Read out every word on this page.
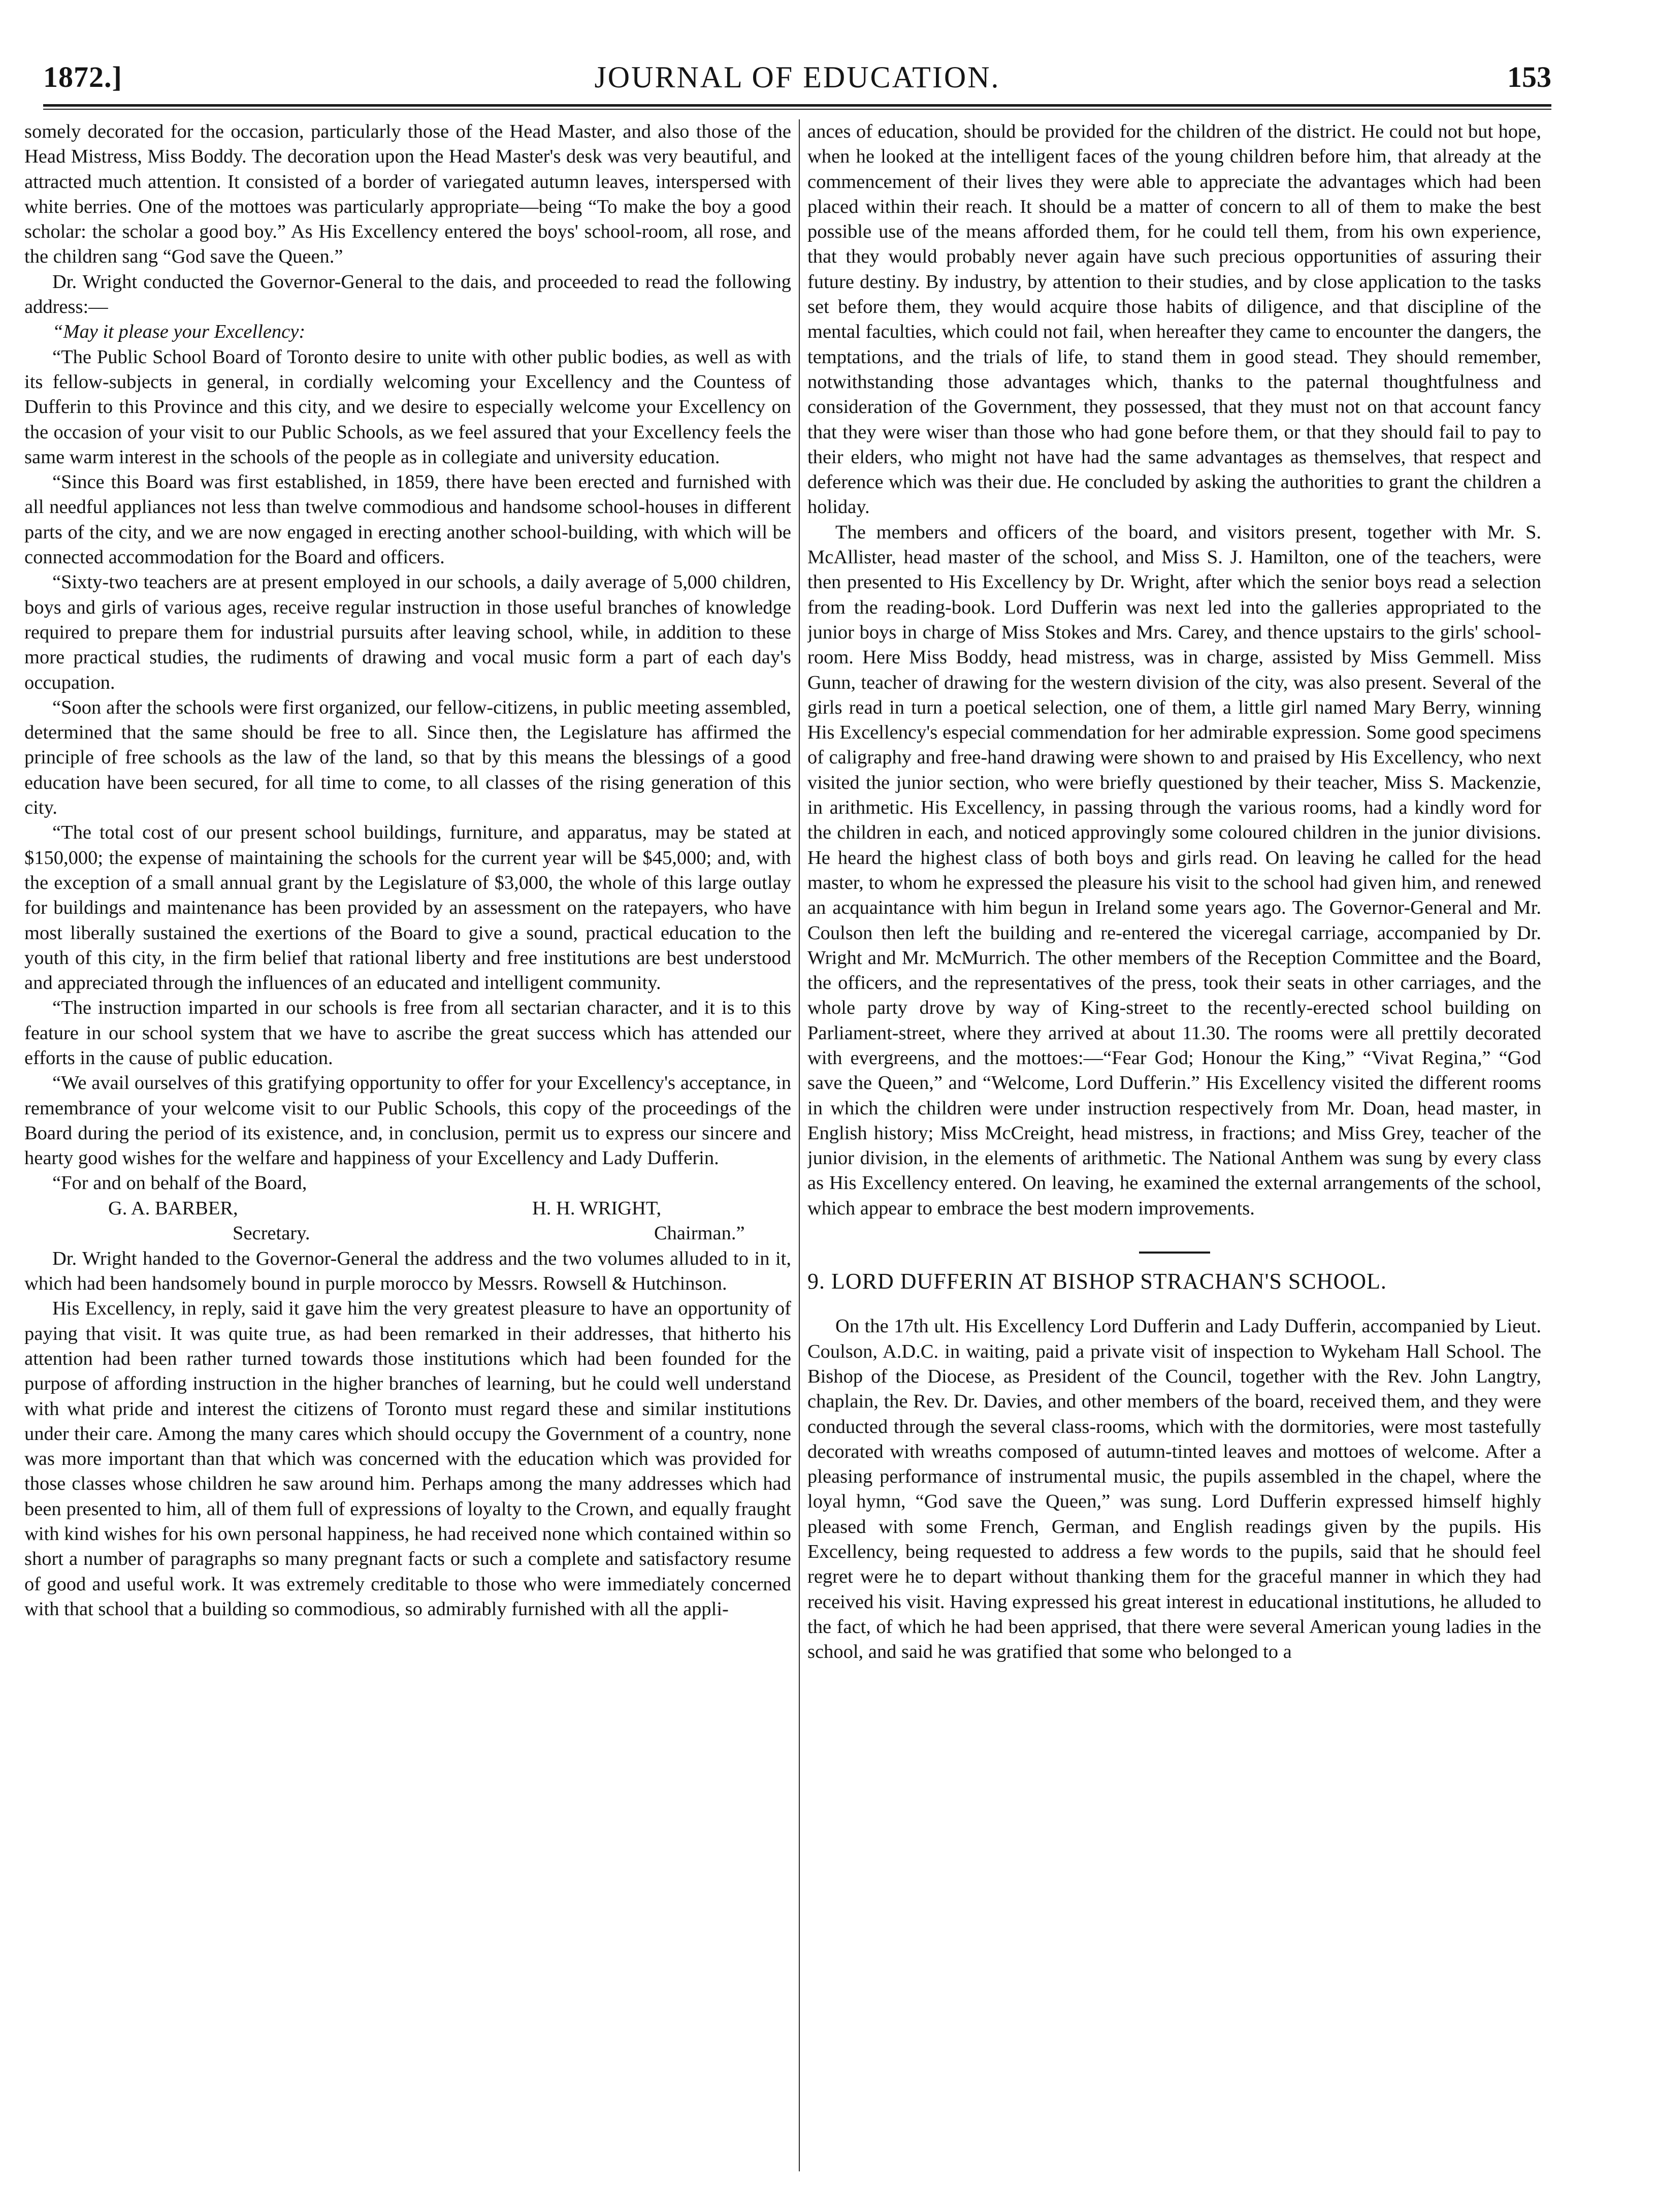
1872.]	JOURNAL OF EDUCATION.	153

somely decorated for the occasion, particularly those of the Head Master, and also those of the Head Mistress, Miss Boddy. The decoration upon the Head Master's desk was very beautiful, and attracted much attention. It consisted of a border of variegated autumn leaves, interspersed with white berries. One of the mottoes was particularly appropriate—being “To make the boy a good scholar: the scholar a good boy.” As His Excellency entered the boys' school-room, all rose, and the children sang “God save the Queen.”

Dr. Wright conducted the Governor-General to the dais, and proceeded to read the following address:—

“May it please your Excellency:

“The Public School Board of Toronto desire to unite with other public bodies, as well as with its fellow-subjects in general, in cordially welcoming your Excellency and the Countess of Dufferin to this Province and this city, and we desire to especially welcome your Excellency on the occasion of your visit to our Public Schools, as we feel assured that your Excellency feels the same warm interest in the schools of the people as in collegiate and university education.

“Since this Board was first established, in 1859, there have been erected and furnished with all needful appliances not less than twelve commodious and handsome school-houses in different parts of the city, and we are now engaged in erecting another school-building, with which will be connected accommodation for the Board and officers.

“Sixty-two teachers are at present employed in our schools, a daily average of 5,000 children, boys and girls of various ages, receive regular instruction in those useful branches of knowledge required to prepare them for industrial pursuits after leaving school, while, in addition to these more practical studies, the rudiments of drawing and vocal music form a part of each day's occupation.

“Soon after the schools were first organized, our fellow-citizens, in public meeting assembled, determined that the same should be free to all. Since then, the Legislature has affirmed the principle of free schools as the law of the land, so that by this means the blessings of a good education have been secured, for all time to come, to all classes of the rising generation of this city.

“The total cost of our present school buildings, furniture, and apparatus, may be stated at $150,000; the expense of maintaining the schools for the current year will be $45,000; and, with the exception of a small annual grant by the Legislature of $3,000, the whole of this large outlay for buildings and maintenance has been provided by an assessment on the ratepayers, who have most liberally sustained the exertions of the Board to give a sound, practical education to the youth of this city, in the firm belief that rational liberty and free institutions are best understood and appreciated through the influences of an educated and intelligent community.

“The instruction imparted in our schools is free from all sectarian character, and it is to this feature in our school system that we have to ascribe the great success which has attended our efforts in the cause of public education.

“We avail ourselves of this gratifying opportunity to offer for your Excellency's acceptance, in remembrance of your welcome visit to our Public Schools, this copy of the proceedings of the Board during the period of its existence, and, in conclusion, permit us to express our sincere and hearty good wishes for the welfare and happiness of your Excellency and Lady Dufferin.

“For and on behalf of the Board,

G. A. BARBER,	H. H. WRIGHT,
Secretary.	Chairman.”

Dr. Wright handed to the Governor-General the address and the two volumes alluded to in it, which had been handsomely bound in purple morocco by Messrs. Rowsell & Hutchinson.

His Excellency, in reply, said it gave him the very greatest pleasure to have an opportunity of paying that visit. It was quite true, as had been remarked in their addresses, that hitherto his attention had been rather turned towards those institutions which had been founded for the purpose of affording instruction in the higher branches of learning, but he could well understand with what pride and interest the citizens of Toronto must regard these and similar institutions under their care. Among the many cares which should occupy the Government of a country, none was more important than that which was concerned with the education which was provided for those classes whose children he saw around him. Perhaps among the many addresses which had been presented to him, all of them full of expressions of loyalty to the Crown, and equally fraught with kind wishes for his own personal happiness, he had received none which contained within so short a number of paragraphs so many pregnant facts or such a complete and satisfactory resume of good and useful work. It was extremely creditable to those who were immediately concerned with that school that a building so commodious, so admirably furnished with all the appli-

ances of education, should be provided for the children of the district. He could not but hope, when he looked at the intelligent faces of the young children before him, that already at the commencement of their lives they were able to appreciate the advantages which had been placed within their reach. It should be a matter of concern to all of them to make the best possible use of the means afforded them, for he could tell them, from his own experience, that they would probably never again have such precious opportunities of assuring their future destiny. By industry, by attention to their studies, and by close application to the tasks set before them, they would acquire those habits of diligence, and that discipline of the mental faculties, which could not fail, when hereafter they came to encounter the dangers, the temptations, and the trials of life, to stand them in good stead. They should remember, notwithstanding those advantages which, thanks to the paternal thoughtfulness and consideration of the Government, they possessed, that they must not on that account fancy that they were wiser than those who had gone before them, or that they should fail to pay to their elders, who might not have had the same advantages as themselves, that respect and deference which was their due. He concluded by asking the authorities to grant the children a holiday.

The members and officers of the board, and visitors present, together with Mr. S. McAllister, head master of the school, and Miss S. J. Hamilton, one of the teachers, were then presented to His Excellency by Dr. Wright, after which the senior boys read a selection from the reading-book. Lord Dufferin was next led into the galleries appropriated to the junior boys in charge of Miss Stokes and Mrs. Carey, and thence upstairs to the girls' school-room. Here Miss Boddy, head mistress, was in charge, assisted by Miss Gemmell. Miss Gunn, teacher of drawing for the western division of the city, was also present. Several of the girls read in turn a poetical selection, one of them, a little girl named Mary Berry, winning His Excellency's especial commendation for her admirable expression. Some good specimens of caligraphy and free-hand drawing were shown to and praised by His Excellency, who next visited the junior section, who were briefly questioned by their teacher, Miss S. Mackenzie, in arithmetic. His Excellency, in passing through the various rooms, had a kindly word for the children in each, and noticed approvingly some coloured children in the junior divisions. He heard the highest class of both boys and girls read. On leaving he called for the head master, to whom he expressed the pleasure his visit to the school had given him, and renewed an acquaintance with him begun in Ireland some years ago. The Governor-General and Mr. Coulson then left the building and re-entered the viceregal carriage, accompanied by Dr. Wright and Mr. McMurrich. The other members of the Reception Committee and the Board, the officers, and the representatives of the press, took their seats in other carriages, and the whole party drove by way of King-street to the recently-erected school building on Parliament-street, where they arrived at about 11.30. The rooms were all prettily decorated with evergreens, and the mottoes:—“Fear God; Honour the King,” “Vivat Regina,” “God save the Queen,” and “Welcome, Lord Dufferin.” His Excellency visited the different rooms in which the children were under instruction respectively from Mr. Doan, head master, in English history; Miss McCreight, head mistress, in fractions; and Miss Grey, teacher of the junior division, in the elements of arithmetic. The National Anthem was sung by every class as His Excellency entered. On leaving, he examined the external arrangements of the school, which appear to embrace the best modern improvements.

9. LORD DUFFERIN AT BISHOP STRACHAN'S SCHOOL.

On the 17th ult. His Excellency Lord Dufferin and Lady Dufferin, accompanied by Lieut. Coulson, A.D.C. in waiting, paid a private visit of inspection to Wykeham Hall School. The Bishop of the Diocese, as President of the Council, together with the Rev. John Langtry, chaplain, the Rev. Dr. Davies, and other members of the board, received them, and they were conducted through the several class-rooms, which with the dormitories, were most tastefully decorated with wreaths composed of autumn-tinted leaves and mottoes of welcome. After a pleasing performance of instrumental music, the pupils assembled in the chapel, where the loyal hymn, “God save the Queen,” was sung. Lord Dufferin expressed himself highly pleased with some French, German, and English readings given by the pupils. His Excellency, being requested to address a few words to the pupils, said that he should feel regret were he to depart without thanking them for the graceful manner in which they had received his visit. Having expressed his great interest in educational institutions, he alluded to the fact, of which he had been apprised, that there were several American young ladies in the school, and said he was gratified that some who belonged to a
